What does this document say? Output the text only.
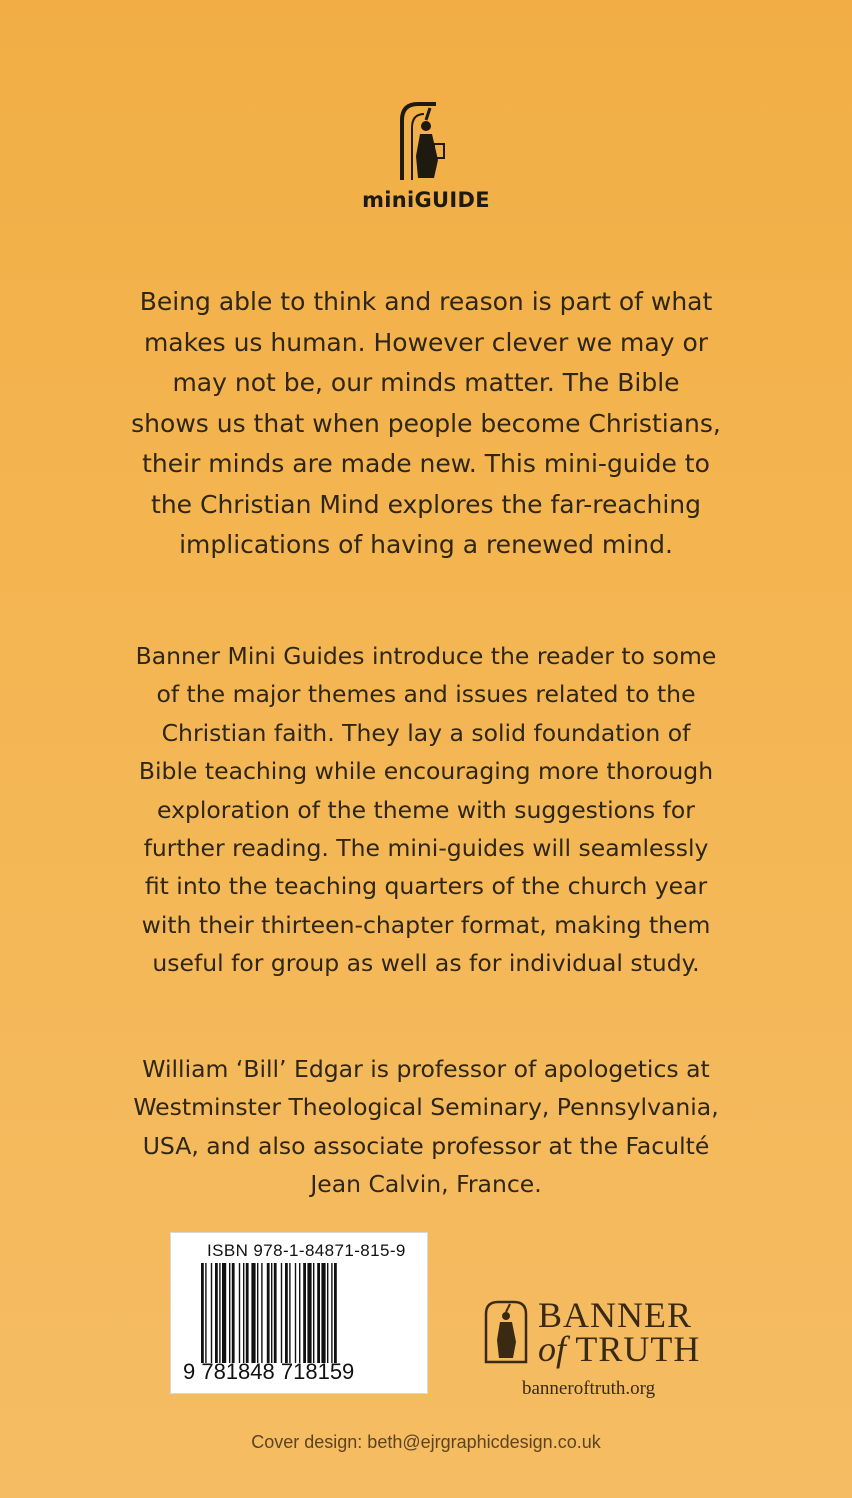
miniGUIDE

Being able to think and reason is part of what makes us human. However clever we may or may not be, our minds matter. The Bible shows us that when people become Christians, their minds are made new. This mini-guide to the Christian Mind explores the far-reaching implications of having a renewed mind.

Banner Mini Guides introduce the reader to some of the major themes and issues related to the Christian faith. They lay a solid foundation of Bible teaching while encouraging more thorough exploration of the theme with suggestions for further reading. The mini-guides will seamlessly fit into the teaching quarters of the church year with their thirteen-chapter format, making them useful for group as well as for individual study.

William ‘Bill’ Edgar is professor of apologetics at Westminster Theological Seminary, Pennsylvania, USA, and also associate professor at the Faculté Jean Calvin, France.

ISBN 978-1-84871-815-9
9 781848 718159
BANNER
of TRUTH
banneroftruth.org
Cover design: beth@ejrgraphicdesign.co.uk
